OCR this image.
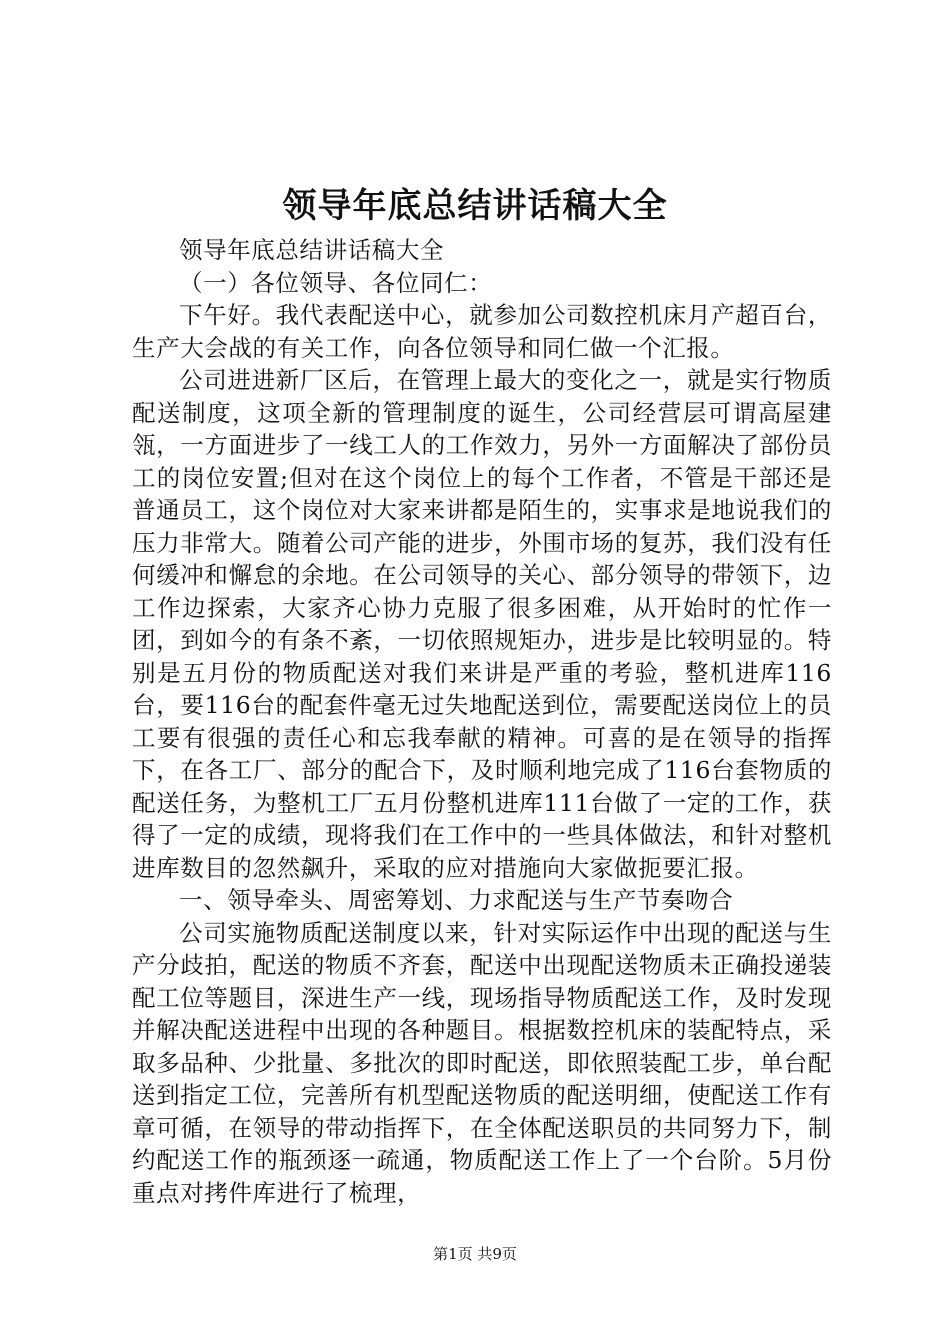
领导年底总结讲话稿大全

领导年底总结讲话稿大全

（一）各位领导、各位同仁：

下午好。我代表配送中心，就参加公司数控机床月产超百台，生产大会战的有关工作，向各位领导和同仁做一个汇报。

公司进进新厂区后，在管理上最大的变化之一，就是实行物质配送制度，这项全新的管理制度的诞生，公司经营层可谓高屋建瓴，一方面进步了一线工人的工作效力，另外一方面解决了部份员工的岗位安置;但对在这个岗位上的每个工作者，不管是干部还是普通员工，这个岗位对大家来讲都是陌生的，实事求是地说我们的压力非常大。随着公司产能的进步，外围市场的复苏，我们没有任何缓冲和懈怠的余地。在公司领导的关心、部分领导的带领下，边工作边探索，大家齐心协力克服了很多困难，从开始时的忙作一团，到如今的有条不紊，一切依照规矩办，进步是比较明显的。特别是五月份的物质配送对我们来讲是严重的考验，整机进库116台，要116台的配套件毫无过失地配送到位，需要配送岗位上的员工要有很强的责任心和忘我奉献的精神。可喜的是在领导的指挥下，在各工厂、部分的配合下，及时顺利地完成了116台套物质的配送任务，为整机工厂五月份整机进库111台做了一定的工作，获得了一定的成绩，现将我们在工作中的一些具体做法，和针对整机进库数目的忽然飙升，采取的应对措施向大家做扼要汇报。

一、领导牵头、周密筹划、力求配送与生产节奏吻合

公司实施物质配送制度以来，针对实际运作中出现的配送与生产分歧拍，配送的物质不齐套，配送中出现配送物质未正确投递装配工位等题目，深进生产一线，现场指导物质配送工作，及时发现并解决配送进程中出现的各种题目。根据数控机床的装配特点，采取多品种、少批量、多批次的即时配送，即依照装配工步，单台配送到指定工位，完善所有机型配送物质的配送明细，使配送工作有章可循，在领导的带动指挥下，在全体配送职员的共同努力下，制约配送工作的瓶颈逐一疏通，物质配送工作上了一个台阶。5月份重点对拷件库进行了梳理，

第1页 共9页
